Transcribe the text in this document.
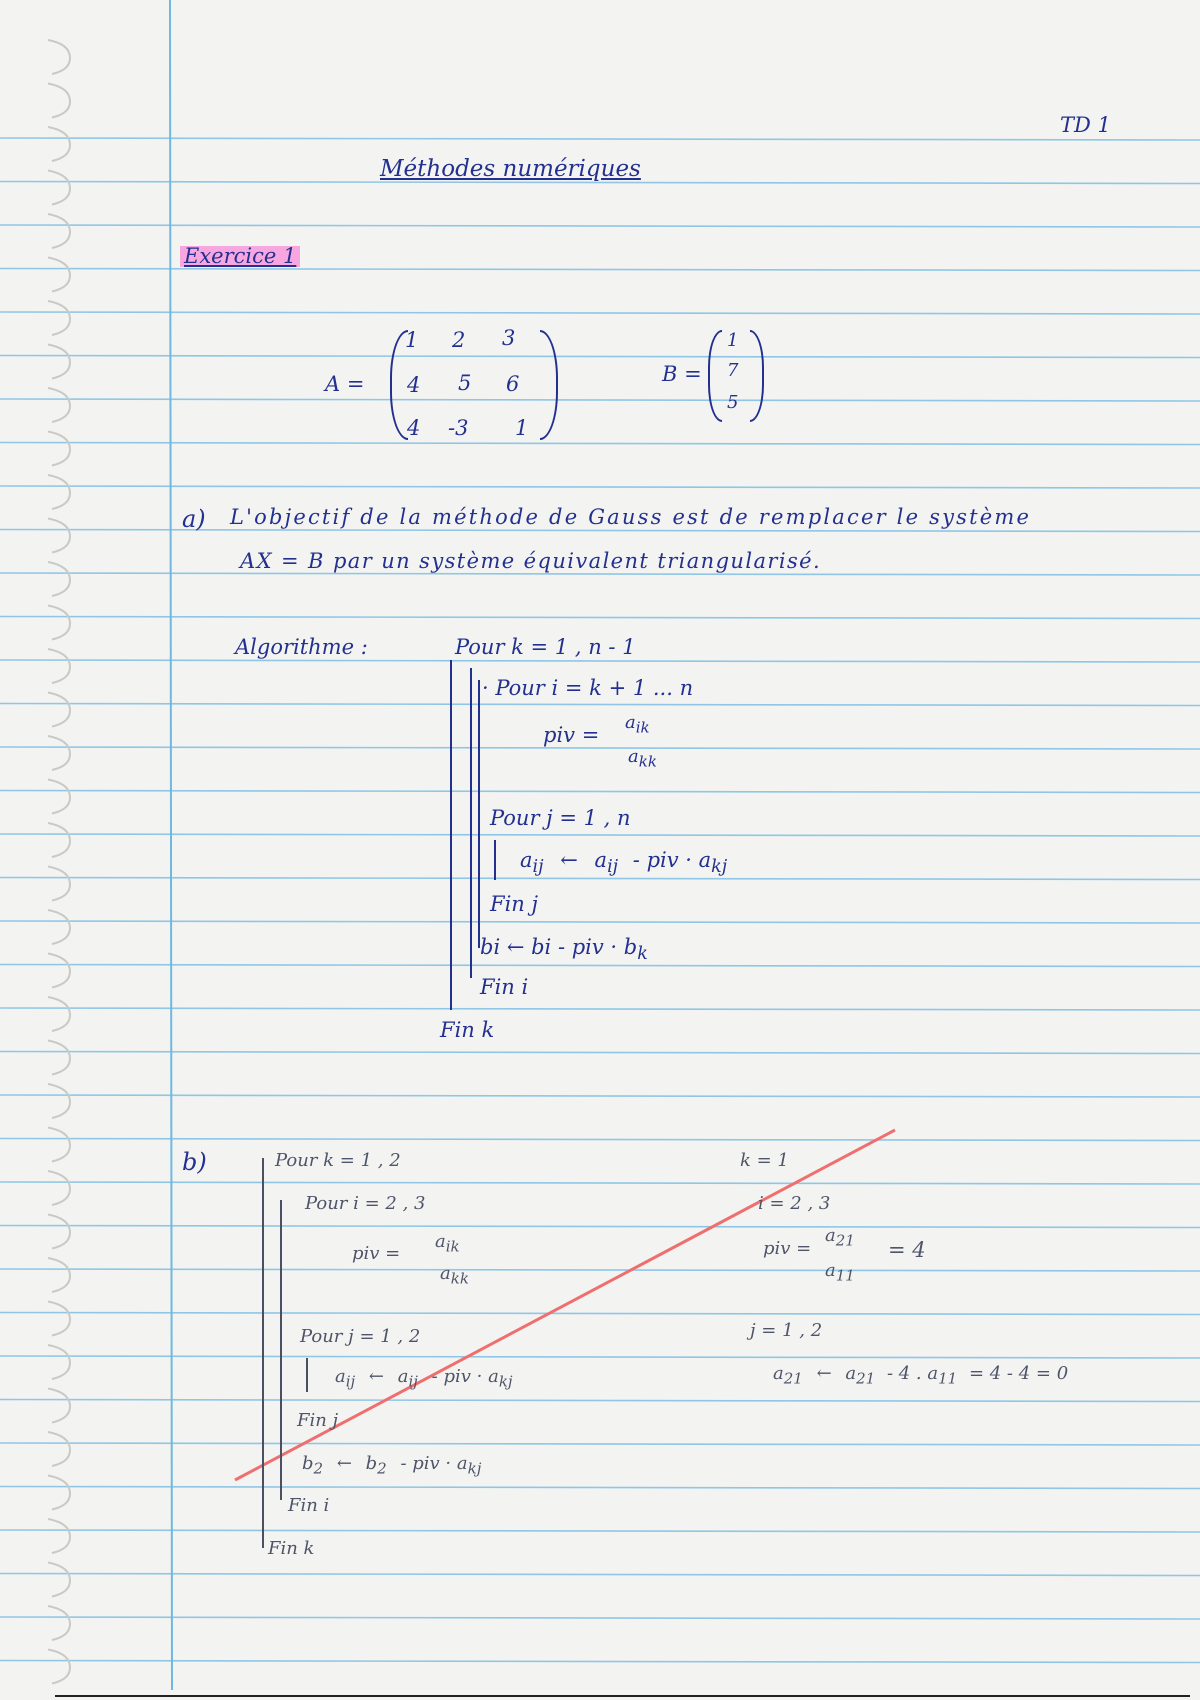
TD 1
Méthodes numériques
Exercice 1
A =
1 2 3
4 5 6
4 -3 1
B =
1
7
5
a) L'objectif de la méthode de Gauss est de remplacer le système
AX = B par un système équivalent triangularisé.
Algorithme :	Pour k = 1 , n - 1
· Pour i = k + 1 ... n
piv =
$a_{ik}$
$a_{kk}$
Pour j = 1 , n
$a_{ij}$ ← $a_{ij}$ - piv · $a_{kj}$
Fin j
bi ← bi - piv · $b_k$
Fin i
Fin k
b)	Pour k = 1 , 2
Pour i = 2 , 3
piv =
$a_{ik}$
$a_{kk}$
Pour j = 1 , 2
$a_{ij}$ ← $a_{ij}$ - piv · $a_{kj}$
Fin j
$b_2$ ← $b_2$ - piv · $a_{kj}$
Fin i
Fin k
k = 1
i = 2 , 3
piv =
$a_{21}$
$a_{11}$
= 4
j = 1 , 2
$a_{21}$ ← $a_{21} - 4$ . $a_{11} = 4 - 4 = 0$
